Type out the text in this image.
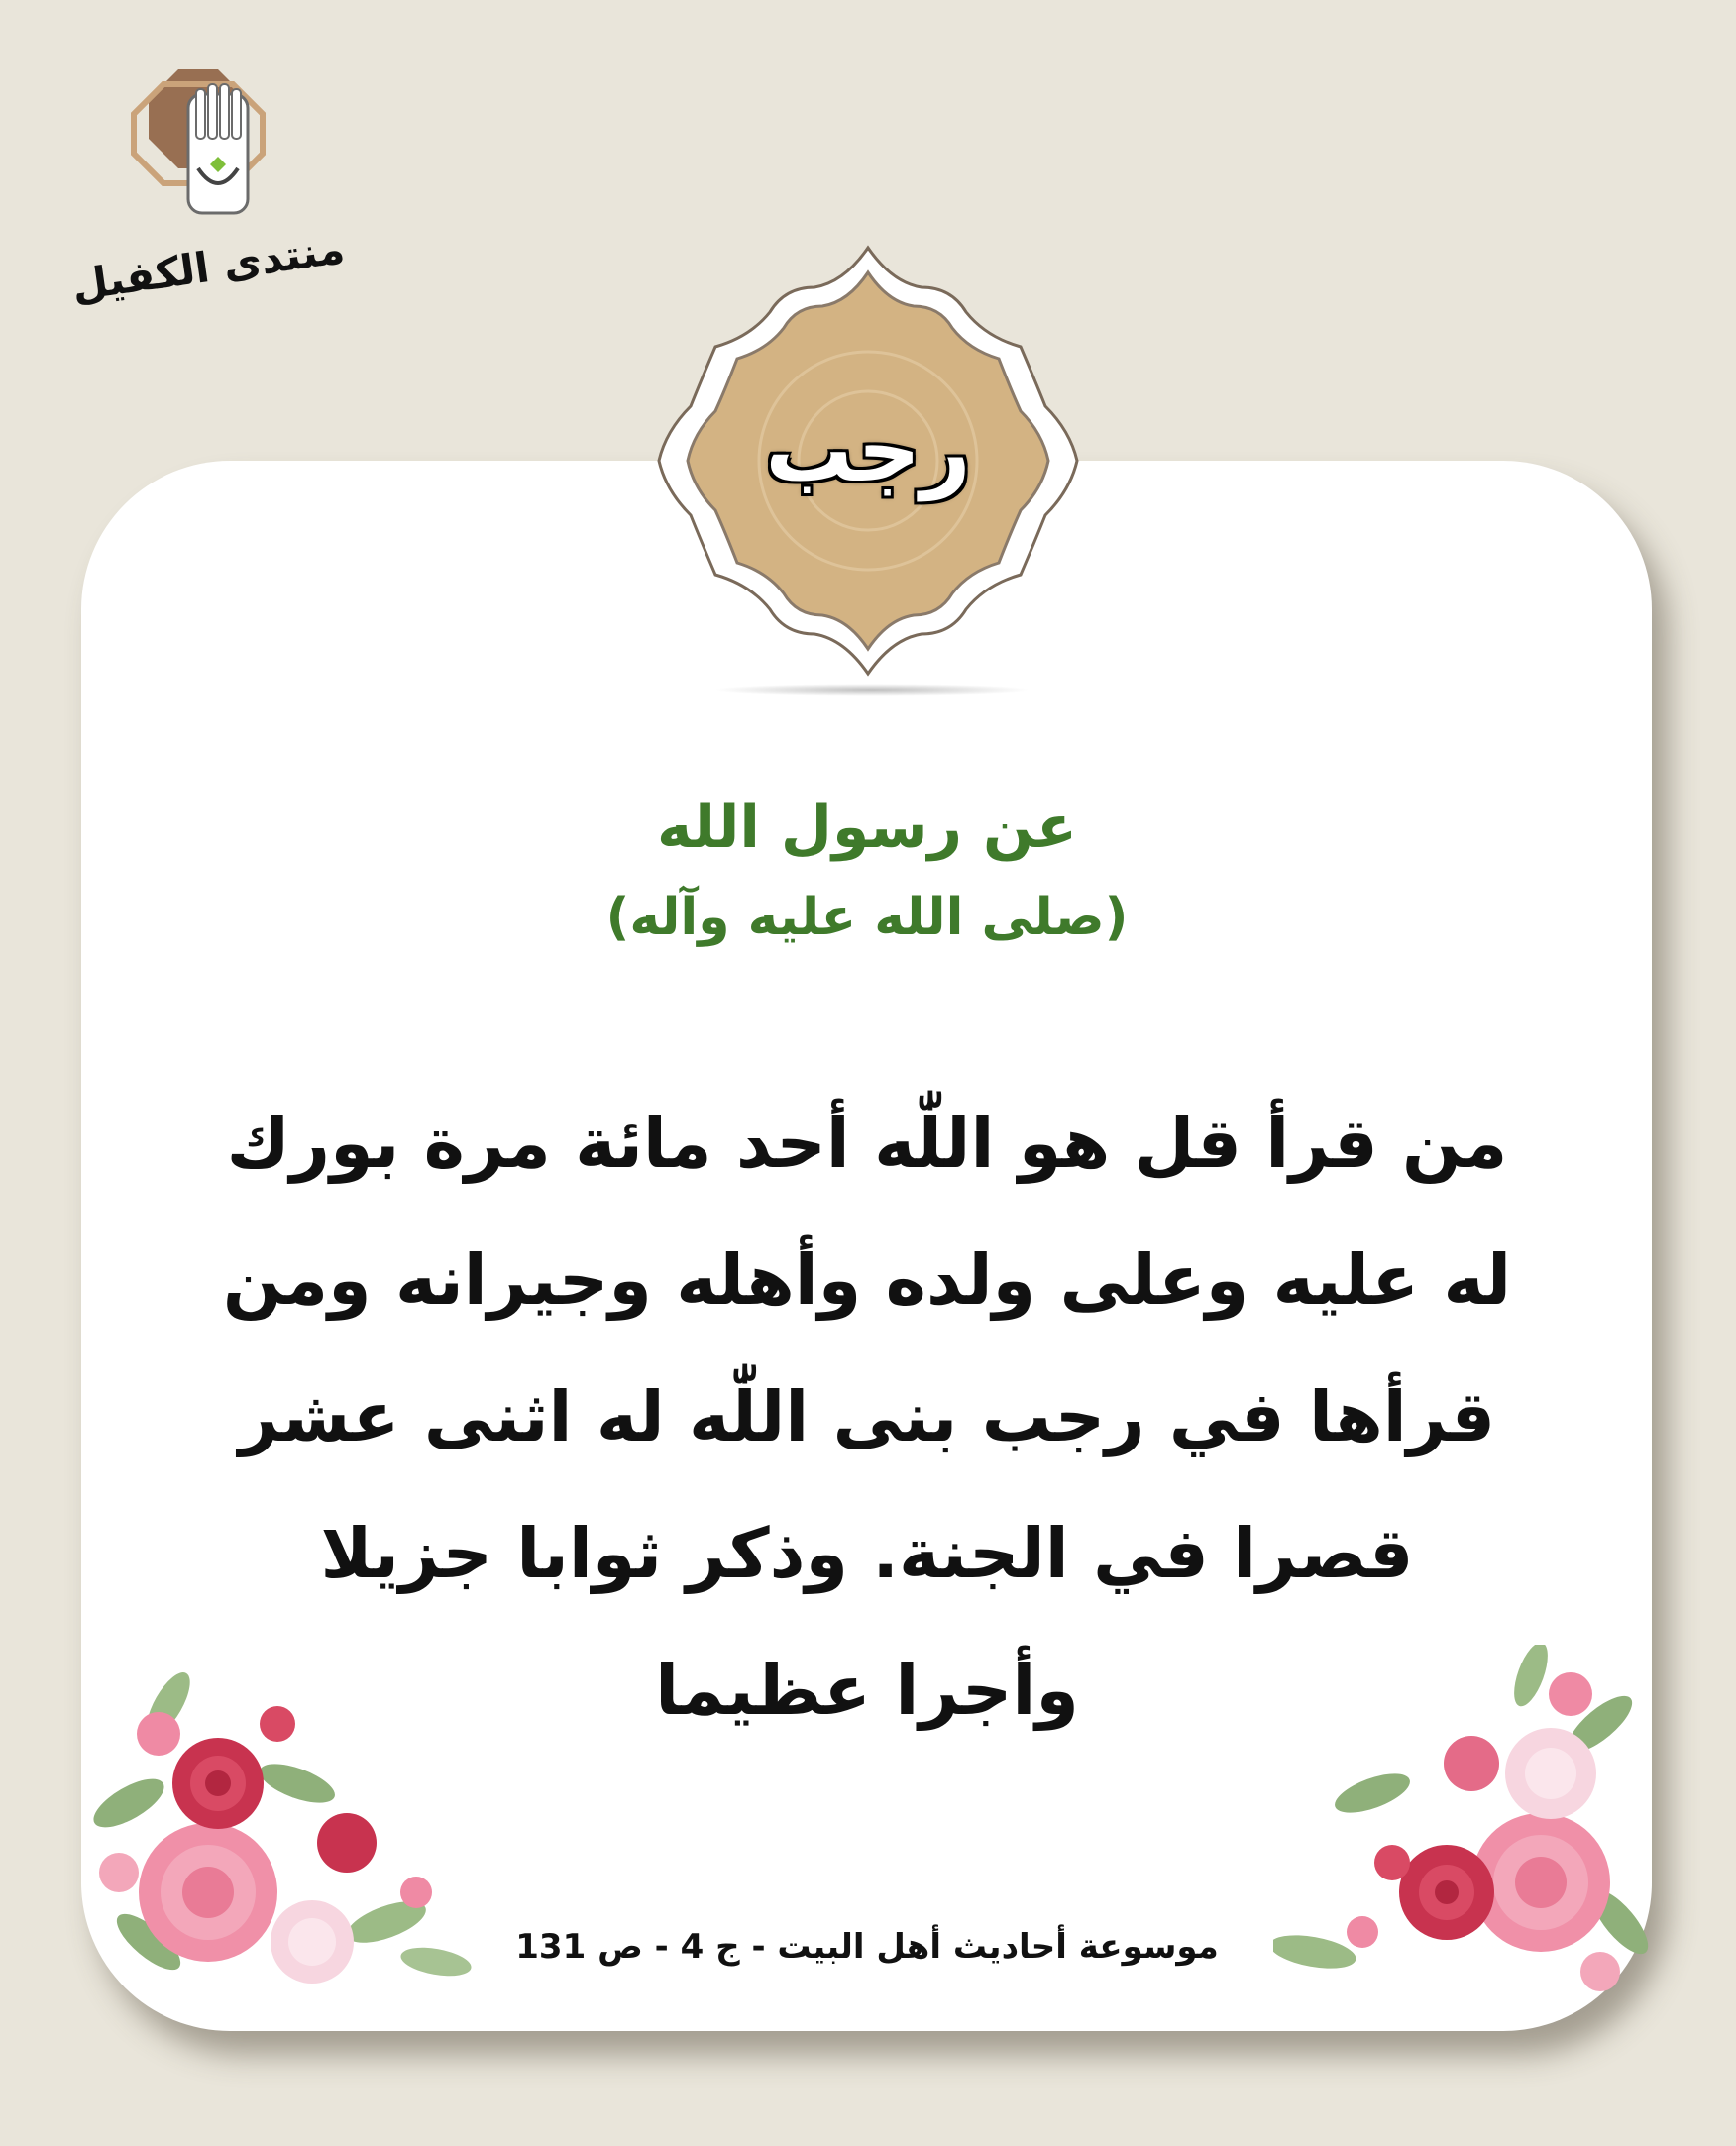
منتدى الكفيل
رجب
عن رسول الله
(صلى الله عليه وآله)
من قرأ قل هو اللّٰه أحد مائة مرة بورك
له عليه وعلى ولده وأهله وجيرانه ومن
قرأها في رجب بنى اللّٰه له اثنى عشر
قصرا في الجنة. وذكر ثوابا جزيلا
وأجرا عظيما
موسوعة أحاديث أهل البيت - ج 4 - ص 131
